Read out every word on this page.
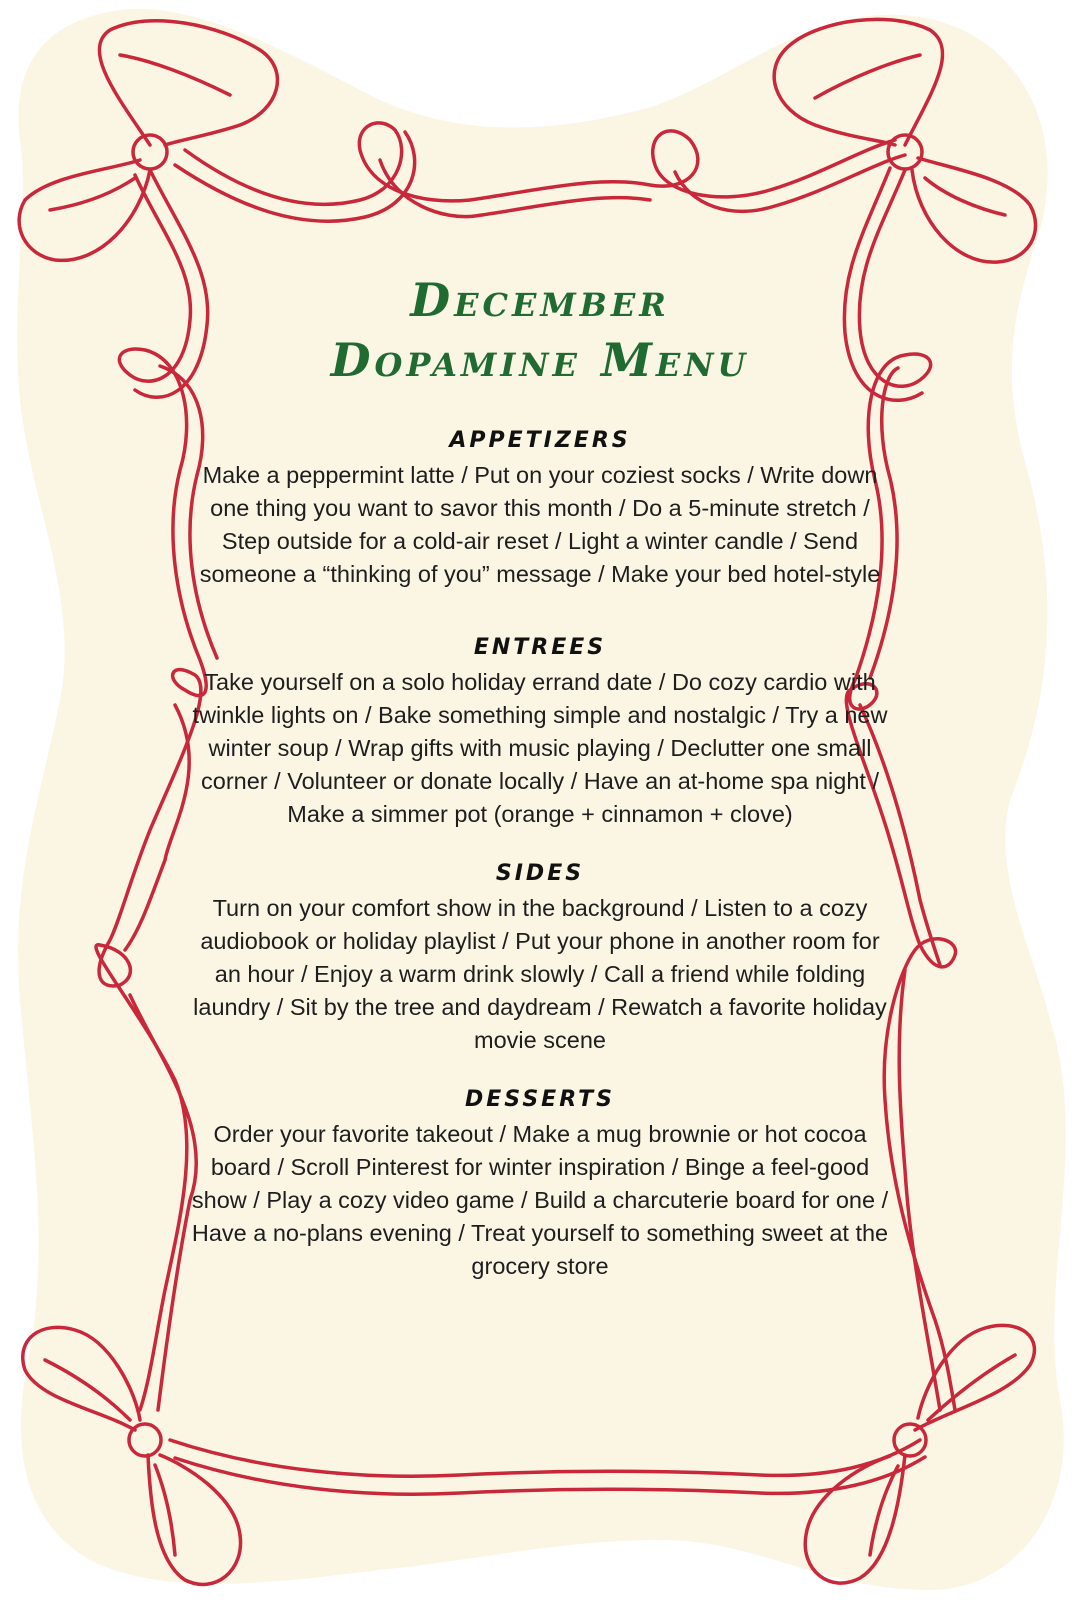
December
Dopamine Menu
APPETIZERS

Make a peppermint latte / Put on your coziest socks / Write down one thing you want to savor this month / Do a 5-minute stretch / Step outside for a cold-air reset / Light a winter candle / Send someone a “thinking of you” message / Make your bed hotel-style

ENTREES

Take yourself on a solo holiday errand date / Do cozy cardio with twinkle lights on / Bake something simple and nostalgic / Try a new winter soup / Wrap gifts with music playing / Declutter one small corner / Volunteer or donate locally / Have an at-home spa night / Make a simmer pot (orange + cinnamon + clove)

SIDES

Turn on your comfort show in the background / Listen to a cozy audiobook or holiday playlist / Put your phone in another room for an hour / Enjoy a warm drink slowly / Call a friend while folding laundry / Sit by the tree and daydream / Rewatch a favorite holiday movie scene

DESSERTS

Order your favorite takeout / Make a mug brownie or hot cocoa board / Scroll Pinterest for winter inspiration / Binge a feel-good show / Play a cozy video game / Build a charcuterie board for one / Have a no-plans evening / Treat yourself to something sweet at the grocery store
